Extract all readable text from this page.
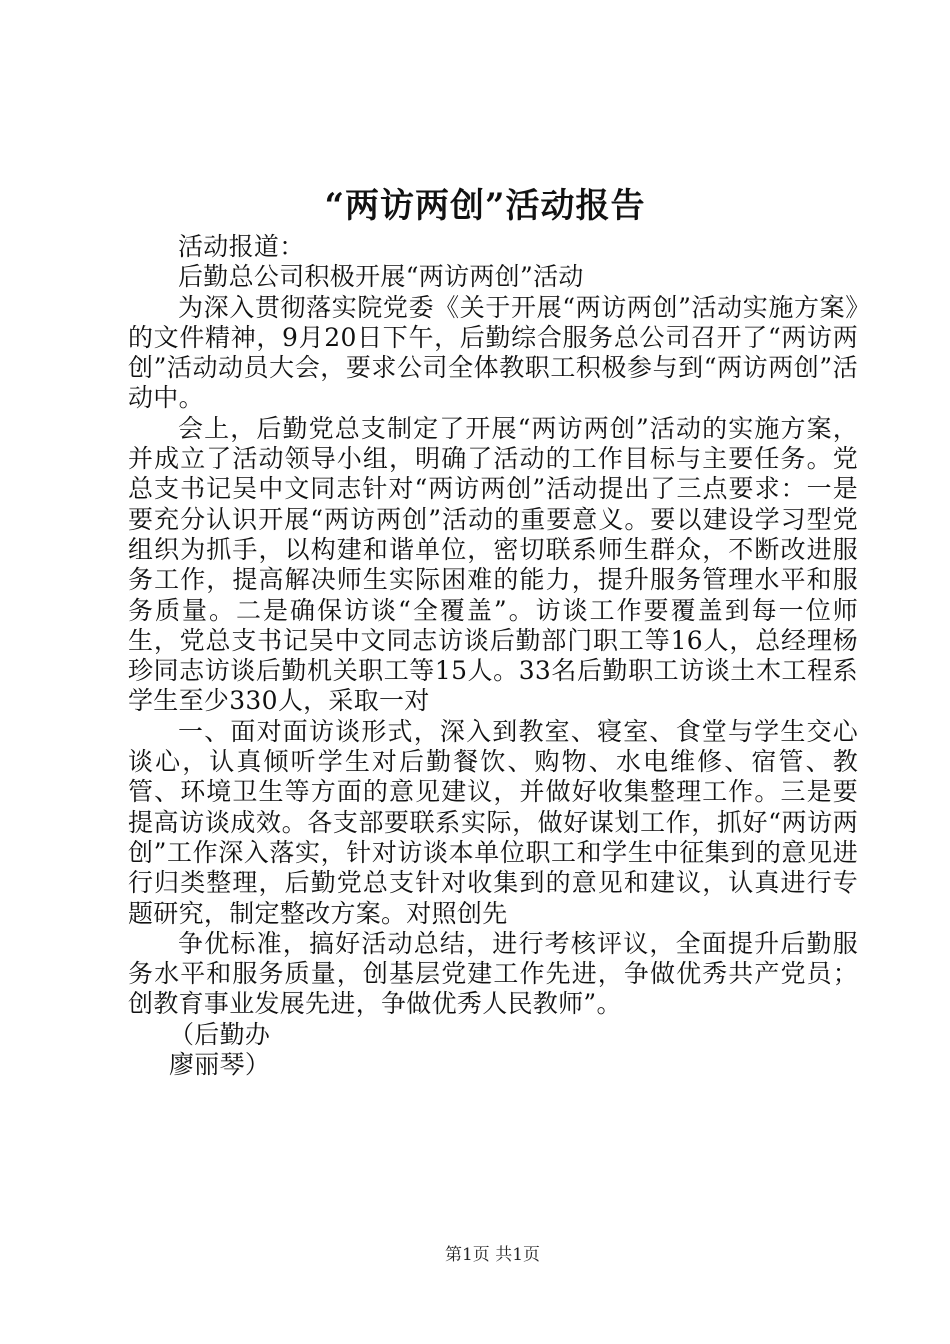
“两访两创”活动报告

活动报道：

后勤总公司积极开展“两访两创”活动

为深入贯彻落实院党委《关于开展“两访两创”活动实施方案》的文件精神，9月20日下午，后勤综合服务总公司召开了“两访两创”活动动员大会，要求公司全体教职工积极参与到“两访两创”活动中。

会上，后勤党总支制定了开展“两访两创”活动的实施方案，并成立了活动领导小组，明确了活动的工作目标与主要任务。党总支书记吴中文同志针对“两访两创”活动提出了三点要求：一是要充分认识开展“两访两创”活动的重要意义。要以建设学习型党组织为抓手，以构建和谐单位，密切联系师生群众，不断改进服务工作，提高解决师生实际困难的能力，提升服务管理水平和服务质量。二是确保访谈“全覆盖”。访谈工作要覆盖到每一位师生，党总支书记吴中文同志访谈后勤部门职工等16人，总经理杨珍同志访谈后勤机关职工等15人。33名后勤职工访谈土木工程系学生至少330人，采取一对

一、面对面访谈形式，深入到教室、寝室、食堂与学生交心谈心，认真倾听学生对后勤餐饮、购物、水电维修、宿管、教管、环境卫生等方面的意见建议，并做好收集整理工作。三是要提高访谈成效。各支部要联系实际，做好谋划工作，抓好“两访两创”工作深入落实，针对访谈本单位职工和学生中征集到的意见进行归类整理，后勤党总支针对收集到的意见和建议，认真进行专题研究，制定整改方案。对照创先

争优标准，搞好活动总结，进行考核评议，全面提升后勤服务水平和服务质量，创基层党建工作先进，争做优秀共产党员；创教育事业发展先进，争做优秀人民教师”。

（后勤办

廖丽琴）

第1页 共1页
